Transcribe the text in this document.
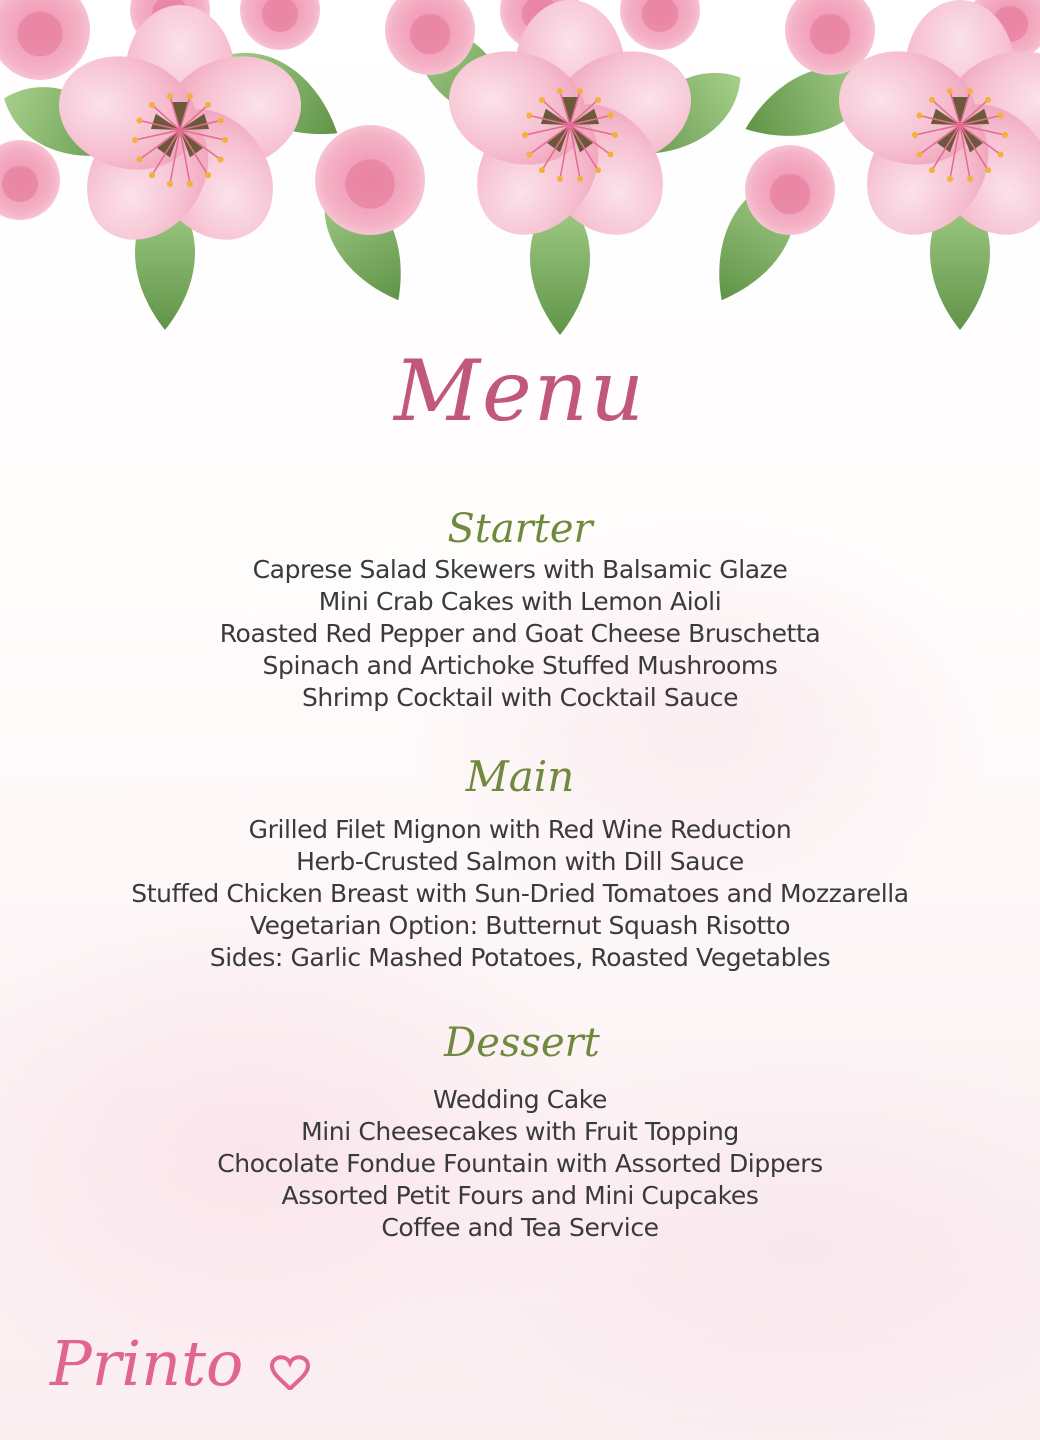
Menu
Starter
Caprese Salad Skewers with Balsamic Glaze
Mini Crab Cakes with Lemon Aioli
Roasted Red Pepper and Goat Cheese Bruschetta
Spinach and Artichoke Stuffed Mushrooms
Shrimp Cocktail with Cocktail Sauce
Main
Grilled Filet Mignon with Red Wine Reduction
Herb-Crusted Salmon with Dill Sauce
Stuffed Chicken Breast with Sun-Dried Tomatoes and Mozzarella
Vegetarian Option: Butternut Squash Risotto
Sides: Garlic Mashed Potatoes, Roasted Vegetables
Dessert
Wedding Cake
Mini Cheesecakes with Fruit Topping
Chocolate Fondue Fountain with Assorted Dippers
Assorted Petit Fours and Mini Cupcakes
Coffee and Tea Service
Printo
